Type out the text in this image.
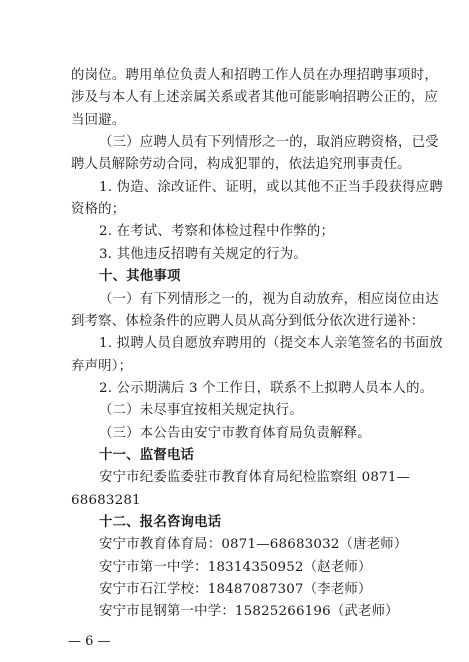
的岗位。聘用单位负责人和招聘工作人员在办理招聘事项时，
涉及与本人有上述亲属关系或者其他可能影响招聘公正的，应
当回避。
（三）应聘人员有下列情形之一的，取消应聘资格，已受
聘人员解除劳动合同，构成犯罪的，依法追究刑事责任。
1. 伪造、涂改证件、证明，或以其他不正当手段获得应聘
资格的；
2. 在考试、考察和体检过程中作弊的；
3. 其他违反招聘有关规定的行为。
十、其他事项
（一）有下列情形之一的，视为自动放弃，相应岗位由达
到考察、体检条件的应聘人员从高分到低分依次进行递补：
1. 拟聘人员自愿放弃聘用的（提交本人亲笔签名的书面放
弃声明）；
2. 公示期满后 3 个工作日，联系不上拟聘人员本人的。
（二）未尽事宜按相关规定执行。
（三）本公告由安宁市教育体育局负责解释。
十一、监督电话
安宁市纪委监委驻市教育体育局纪检监察组 0871—
68683281
十二、报名咨询电话
安宁市教育体育局：0871—68683032（唐老师）
安宁市第一中学：18314350952（赵老师）
安宁市石江学校：18487087307（李老师）
安宁市昆钢第一中学：15825266196（武老师）
— 6 —
